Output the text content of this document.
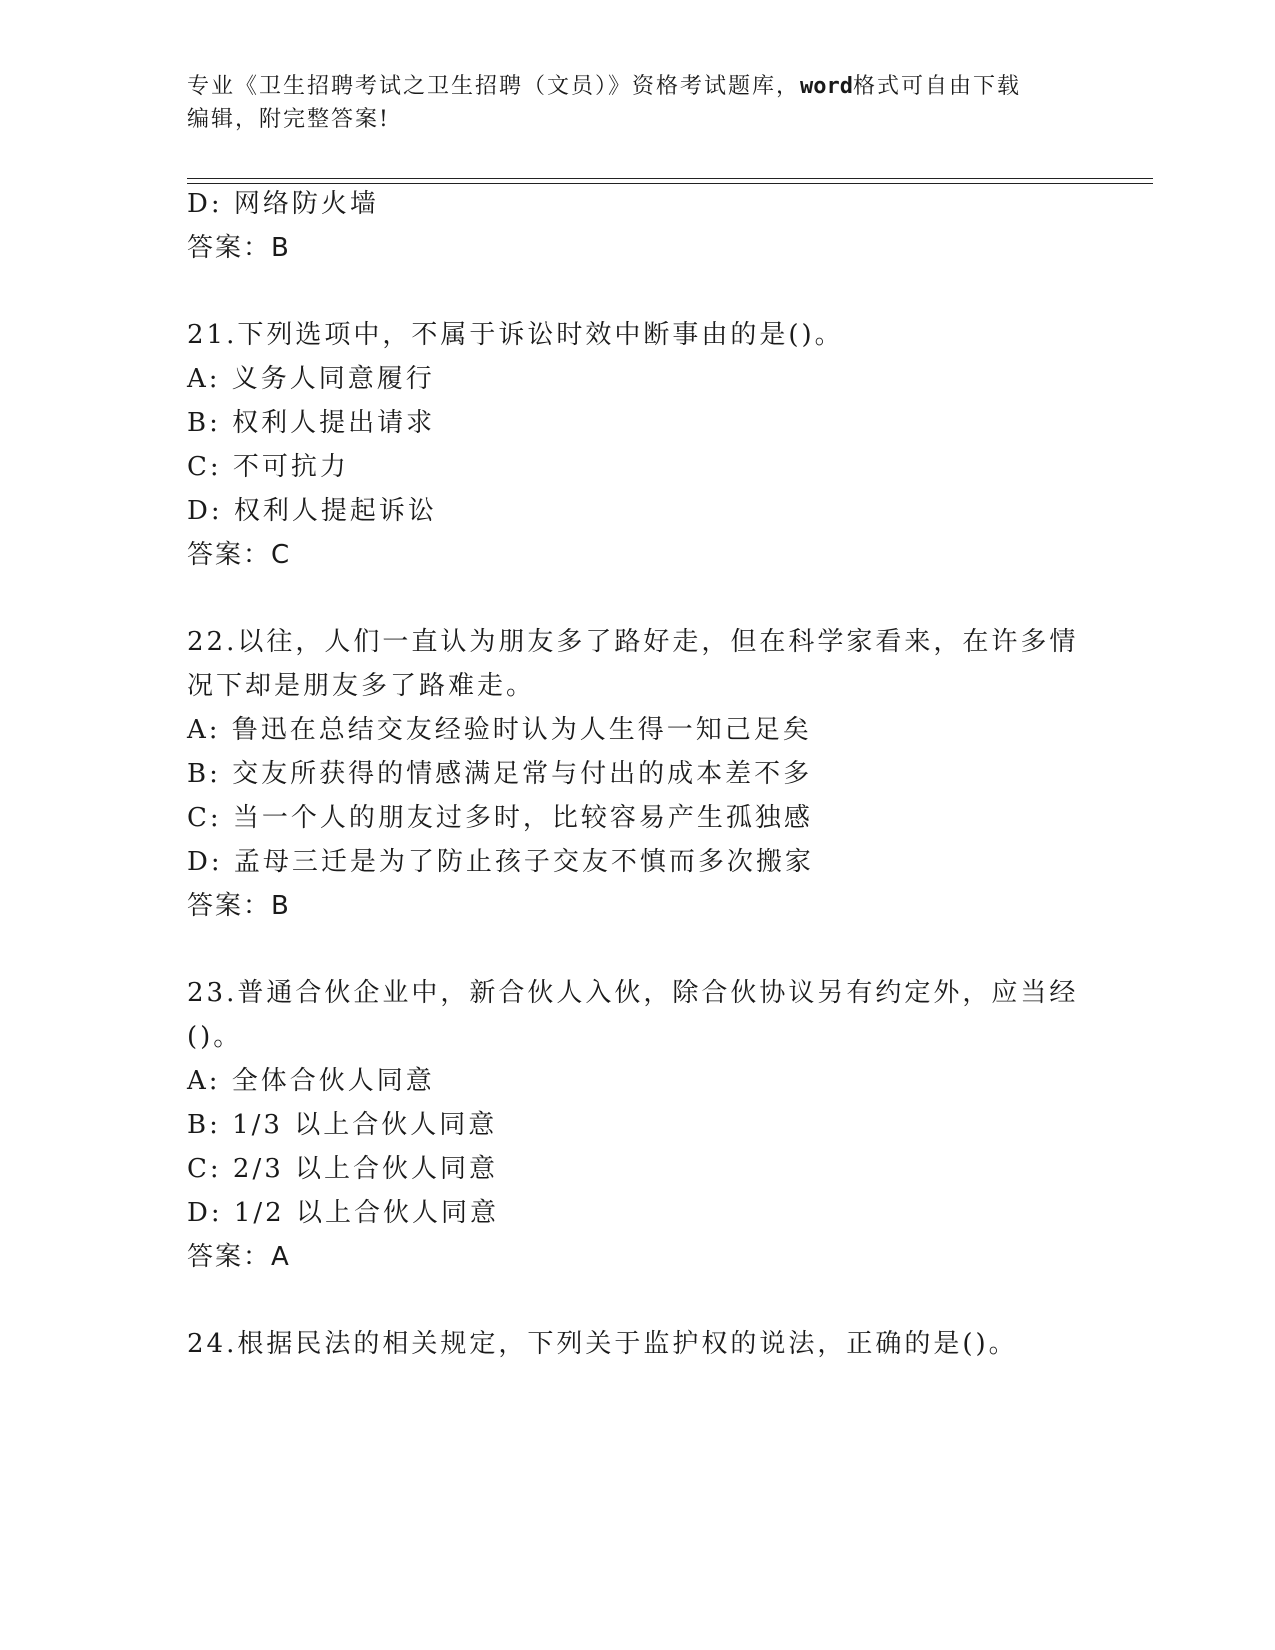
专业《卫生招聘考试之卫生招聘（文员）》资格考试题库，word格式可自由下载
编辑，附完整答案!
D: 网络防火墙
答案：B
21.下列选项中，不属于诉讼时效中断事由的是()。
A: 义务人同意履行
B: 权利人提出请求
C: 不可抗力
D: 权利人提起诉讼
答案：C
22.以往，人们一直认为朋友多了路好走，但在科学家看来，在许多情
况下却是朋友多了路难走。
A: 鲁迅在总结交友经验时认为人生得一知己足矣
B: 交友所获得的情感满足常与付出的成本差不多
C: 当一个人的朋友过多时，比较容易产生孤独感
D: 孟母三迁是为了防止孩子交友不慎而多次搬家
答案：B
23.普通合伙企业中，新合伙人入伙，除合伙协议另有约定外，应当经
()。
A: 全体合伙人同意
B: 1/3 以上合伙人同意
C: 2/3 以上合伙人同意
D: 1/2 以上合伙人同意
答案：A
24.根据民法的相关规定，下列关于监护权的说法，正确的是()。
